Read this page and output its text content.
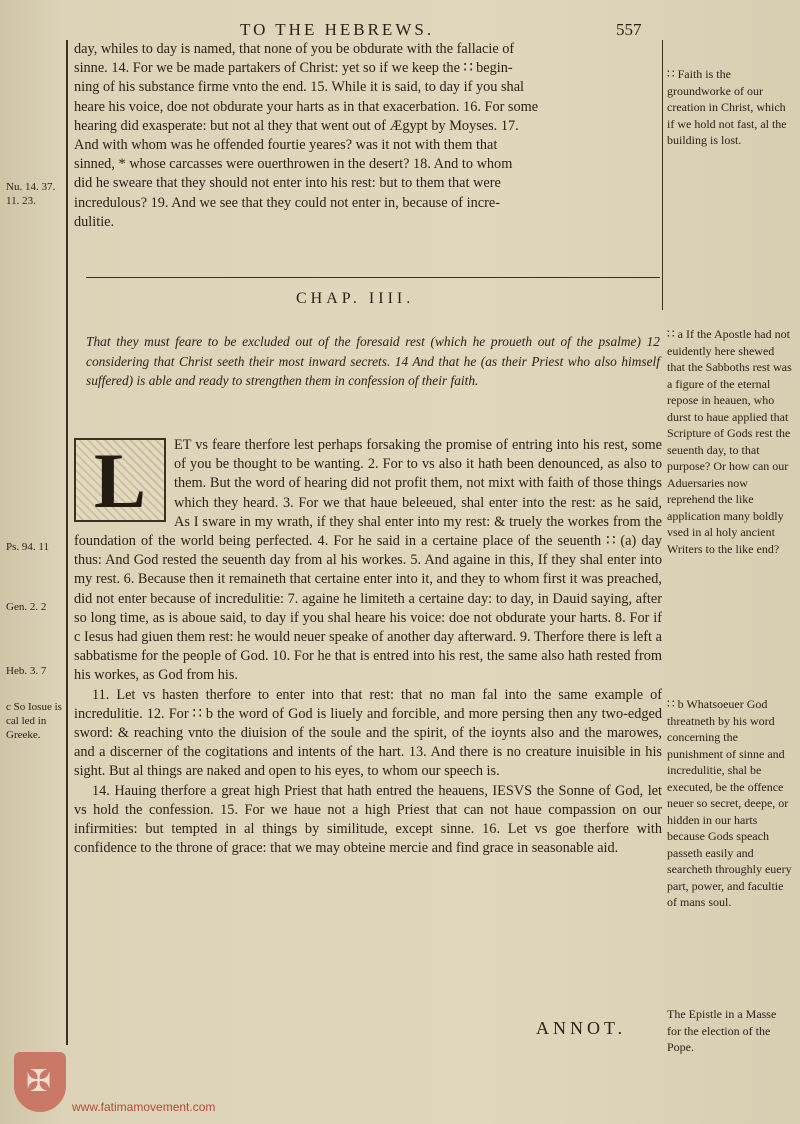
TO THE HEBREWS.	557

day, whiles to day is named, that none of you be obdurate with the fallacie of

sinne. 14. For we be made partakers of Christ: yet so if we keep the ∷ begin-

ning of his substance firme vnto the end. 15. While it is said, to day if you shal

heare his voice, doe not obdurate your harts as in that exacerbation. 16. For some

hearing did exasperate: but not al they that went out of Ægypt by Moyses. 17.

And with whom was he offended fourtie yeares? was it not with them that

sinned, * whose carcasses were ouerthrowen in the desert? 18. And to whom

did he sweare that they should not enter into his rest: but to them that were

incredulous? 19. And we see that they could not enter in, because of incre-

dulitie.

CHAP. IIII.
That they must feare to be excluded out of the foresaid rest (which he proueth out of the psalme) 12 considering that Christ seeth their most inward secrets. 14 And that he (as their Priest who also himself suffered) is able and ready to strengthen them in confession of their faith.

L	ET vs feare therfore lest perhaps forsaking the promise of entring into his rest, some of you be thought to be wanting. 2. For to vs also it hath been denounced, as also to them. But the word of hearing did not profit them, not mixt with faith of those things which they heard. 3. For we that haue beleeued, shal enter into the rest: as he said, As I sware in my wrath, if they shal enter into my rest: & truely the workes from the foundation of the world being perfected. 4. For he said in a certaine place of the seuenth ∷ (a) day thus: And God rested the seuenth day from al his workes. 5. And againe in this, If they shal enter into my rest. 6. Because then it remaineth that certaine enter into it, and they to whom first it was preached, did not enter because of incredulitie: 7. againe he limiteth a certaine day: to day, in Dauid saying, after so long time, as is aboue said, to day if you shal heare his voice: doe not obdurate your harts. 8. For if c Iesus had giuen them rest: he would neuer speake of another day afterward. 9. Therfore there is left a sabbatisme for the people of God. 10. For he that is entred into his rest, the same also hath rested from his workes, as God from his.

11. Let vs hasten therfore to enter into that rest: that no man fal into the same example of incredulitie. 12. For ∷ b the word of God is liuely and forcible, and more persing then any two-edged sword: & reaching vnto the diuision of the soule and the spirit, of the ioynts also and the marowes, and a discerner of the cogitations and intents of the hart. 13. And there is no creature inuisible in his sight. But al things are naked and open to his eyes, to whom our speech is.

14. Hauing therfore a great high Priest that hath entred the heauens, IESVS the Sonne of God, let vs hold the confession. 15. For we haue not a high Priest that can not haue compassion on our infirmities: but tempted in al things by similitude, except sinne. 16. Let vs goe therfore with confidence to the throne of grace: that we may obteine mercie and find grace in seasonable aid.

Nu. 14. 37. 11. 23.
Ps. 94. 11
Gen. 2. 2
Heb. 3. 7
c So Iosue is cal led in Greeke.
∷ Faith is the groundworke of our creation in Christ, which if we hold not fast, al the building is lost.
∷ a If the Apostle had not euidently here shewed that the Sabboths rest was a figure of the eternal repose in heauen, who durst to haue applied that Scripture of Gods rest the seuenth day, to that purpose? Or how can our Aduersaries now reprehend the like application many boldly vsed in al holy ancient Writers to the like end?
∷ b Whatsoeuer God threatneth by his word concerning the punishment of sinne and incredulitie, shal be executed, be the offence neuer so secret, deepe, or hidden in our harts because Gods speach passeth easily and searcheth throughly euery part, power, and facultie of mans soul.
The Epistle in a Masse for the election of the Pope.
ANNOT.
✠
www.fatimamovement.com
